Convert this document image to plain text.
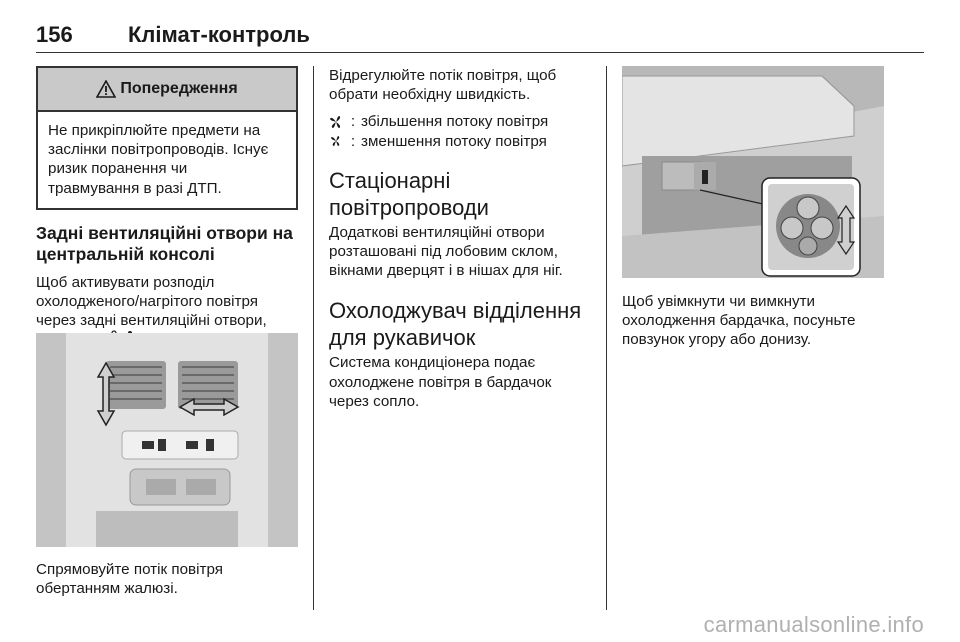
156	Клімат-контроль
Попередження

Не прикріплюйте предмети на

заслінки повітропроводів. Існує

ризик поранення чи

травмування в разі ДТП.

Задні вентиляційні отвори на
центральній консолі

Щоб активувати розподіл

охолодженого/нагрітого повітря

через задні вентиляційні отвори,

Спрямовуйте потік повітря

обертанням жалюзі.

Відрегулюйте потік повітря, щоб

обрати необхідну швидкість.

: збільшення потоку повітря
: зменшення потоку повітря
Стаціонарні
повітропроводи

Додаткові вентиляційні отвори

розташовані під лобовим склом,

вікнами дверцят і в нішах для ніг.

Охолоджувач відділення
для рукавичок

Система кондиціонера подає

охолоджене повітря в бардачок

через сопло.

Щоб увімкнути чи вимкнути

охолодження бардачка, посуньте

повзунок угору або донизу.

carmanualsonline.info
